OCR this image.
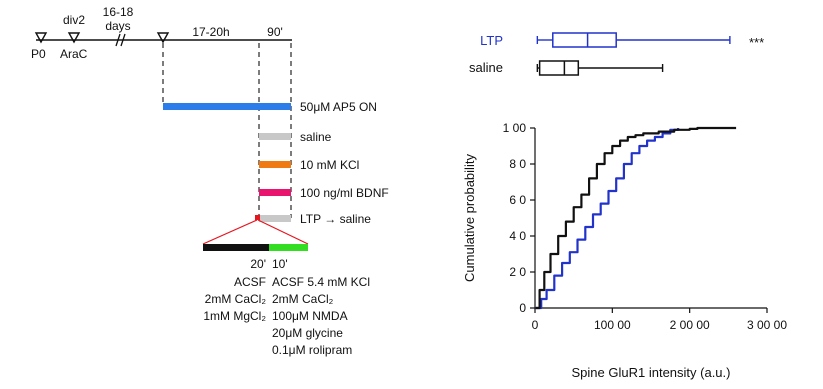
P0
div2
AraC
16-18
days	17-20h	90'
50μM AP5 ON
saline
10 mM KCl
100 ng/ml BDNF
LTP → saline
20' 10'
ACSF
2mM CaCl₂
1mM MgCl₂
ACSF 5.4 mM KCl
2mM CaCl₂
100μM NMDA
20μM glycine
0.1μM rolipram
LTP
saline
***
0
2 0
4 0
6 0
8 0
1 00
0	100 00	2 00 00	3 00 00
Cumulative probability
Spine GluR1 intensity (a.u.)
